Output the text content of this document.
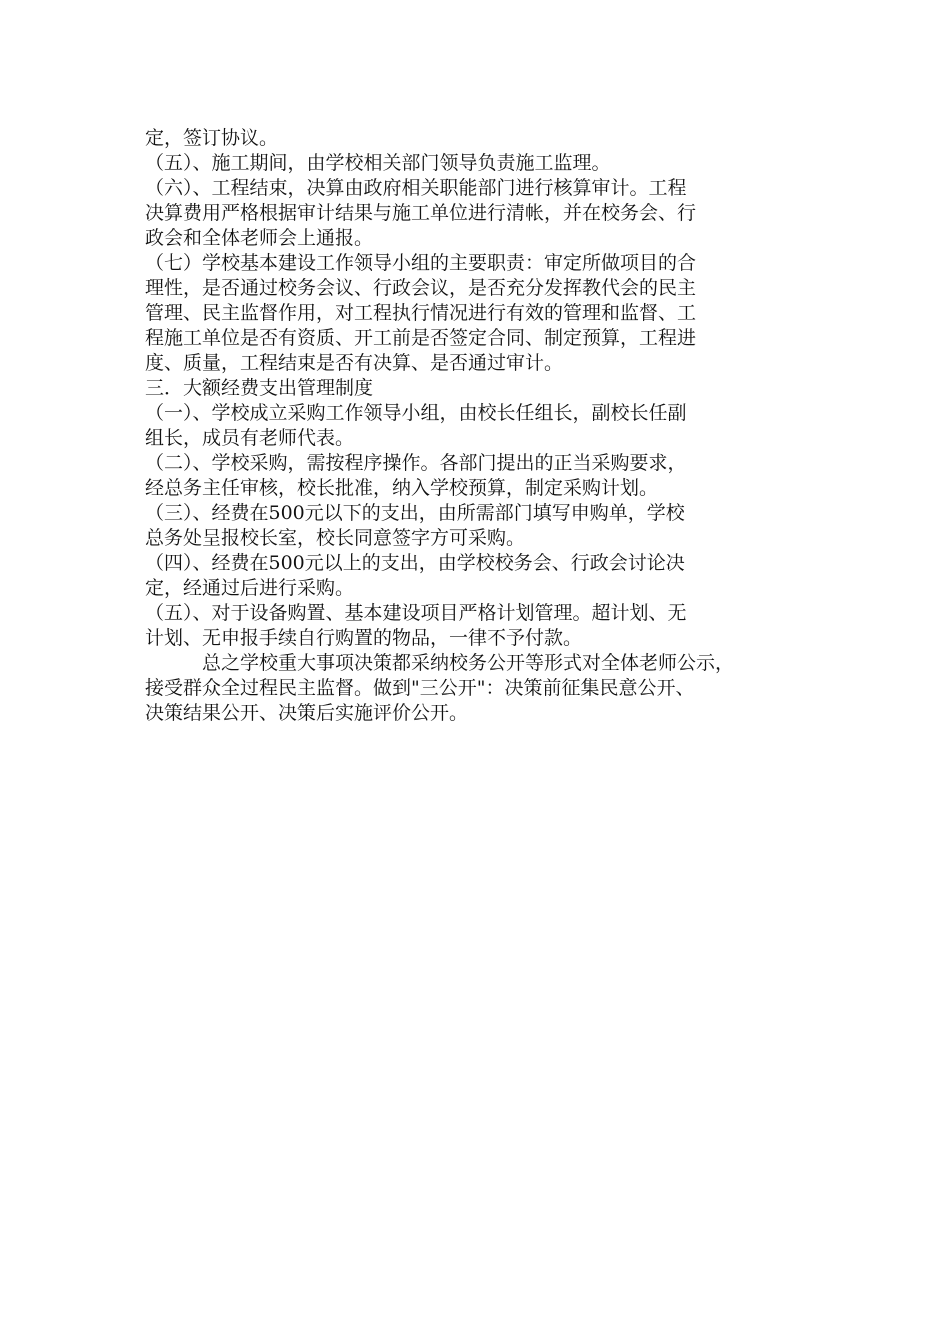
定，签订协议。
（五）、施工期间，由学校相关部门领导负责施工监理。
（六）、工程结束，决算由政府相关职能部门进行核算审计。工程
决算费用严格根据审计结果与施工单位进行清帐，并在校务会、行
政会和全体老师会上通报。
（七）学校基本建设工作领导小组的主要职责：审定所做项目的合
理性，是否通过校务会议、行政会议，是否充分发挥教代会的民主
管理、民主监督作用，对工程执行情况进行有效的管理和监督、工
程施工单位是否有资质、开工前是否签定合同、制定预算，工程进
度、质量，工程结束是否有决算、是否通过审计。
三．大额经费支出管理制度
（一）、学校成立采购工作领导小组，由校长任组长，副校长任副
组长，成员有老师代表。
（二）、学校采购，需按程序操作。各部门提出的正当采购要求，
经总务主任审核，校长批准，纳入学校预算，制定采购计划。
（三）、经费在500元以下的支出，由所需部门填写申购单，学校
总务处呈报校长室，校长同意签字方可采购。
（四）、经费在500元以上的支出，由学校校务会、行政会讨论决
定，经通过后进行采购。
（五）、对于设备购置、基本建设项目严格计划管理。超计划、无
计划、无申报手续自行购置的物品，一律不予付款。
总之学校重大事项决策都采纳校务公开等形式对全体老师公示，
接受群众全过程民主监督。做到"三公开"：决策前征集民意公开、
决策结果公开、决策后实施评价公开。
